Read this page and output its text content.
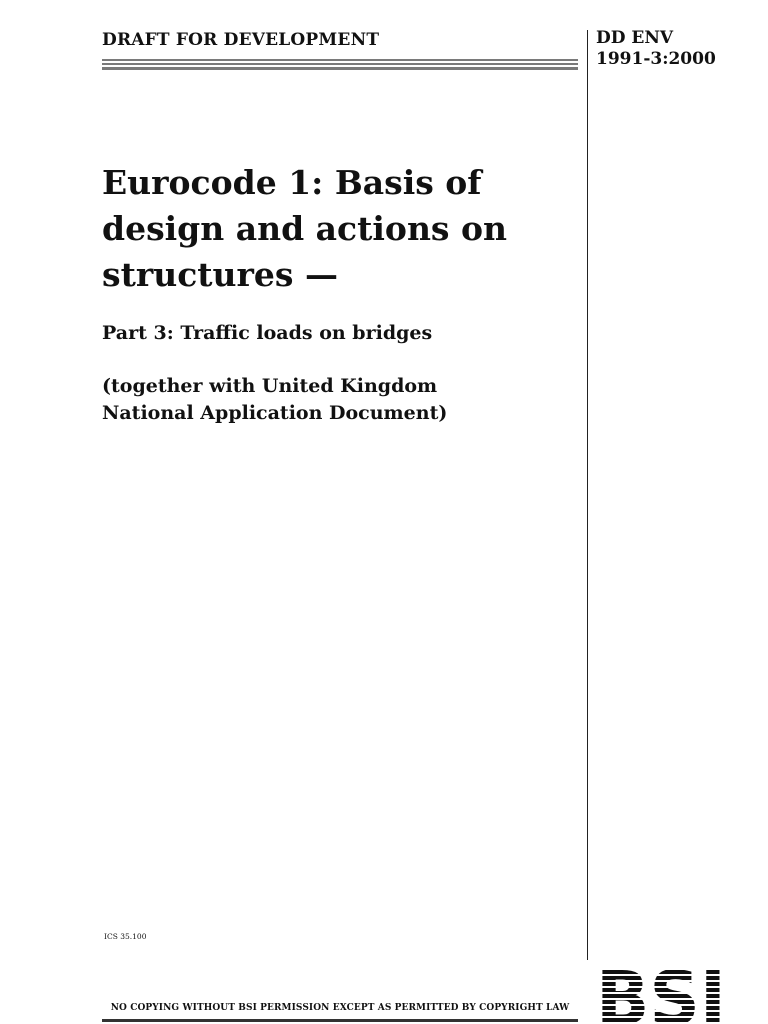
DRAFT FOR DEVELOPMENT	DD ENV
1991-3:2000
Eurocode 1: Basis of
design and actions on
structures —
Part 3: Traffic loads on bridges
(together with United Kingdom
National Application Document)
ICS 35.100
NO COPYING WITHOUT BSI PERMISSION EXCEPT AS PERMITTED BY COPYRIGHT LAW
